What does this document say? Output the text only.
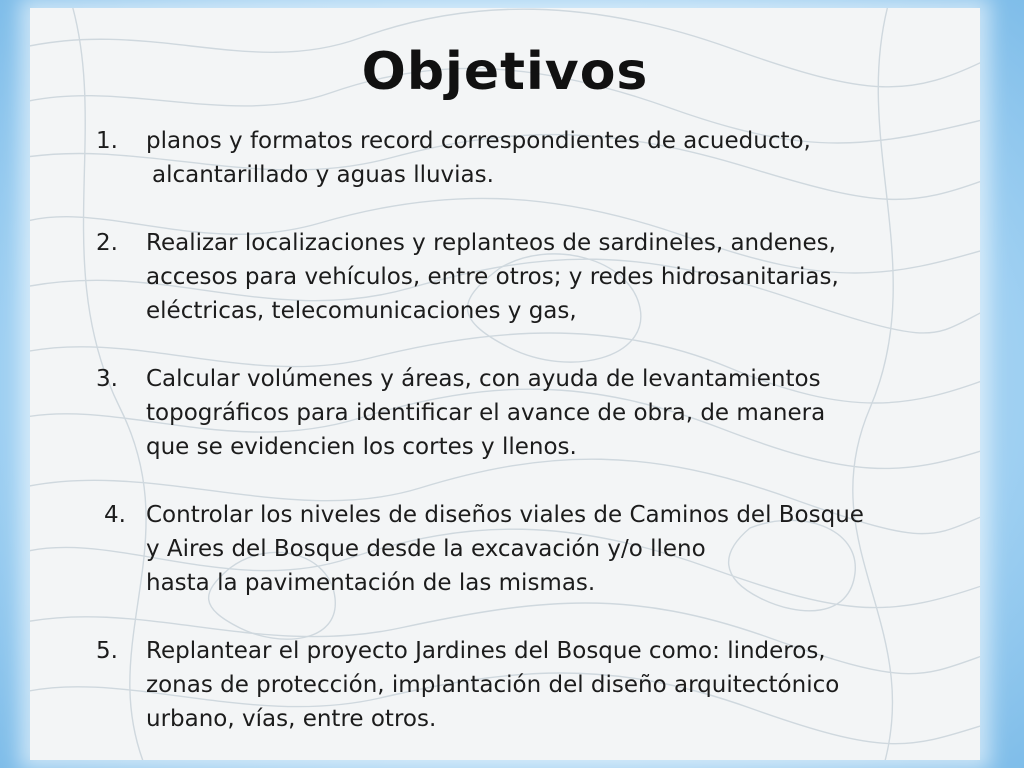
Objetivos
1. planos y formatos record correspondientes de acueducto,
alcantarillado y aguas lluvias.
2. Realizar localizaciones y replanteos de sardineles, andenes,
accesos para vehículos, entre otros; y redes hidrosanitarias,
eléctricas, telecomunicaciones y gas,
3. Calcular volúmenes y áreas, con ayuda de levantamientos
topográficos para identificar el avance de obra, de manera
que se evidencien los cortes y llenos.
4. Controlar los niveles de diseños viales de Caminos del Bosque
y Aires del Bosque desde la excavación y/o lleno
hasta la pavimentación de las mismas.
5. Replantear el proyecto Jardines del Bosque como: linderos,
zonas de protección, implantación del diseño arquitectónico
urbano, vías, entre otros.
